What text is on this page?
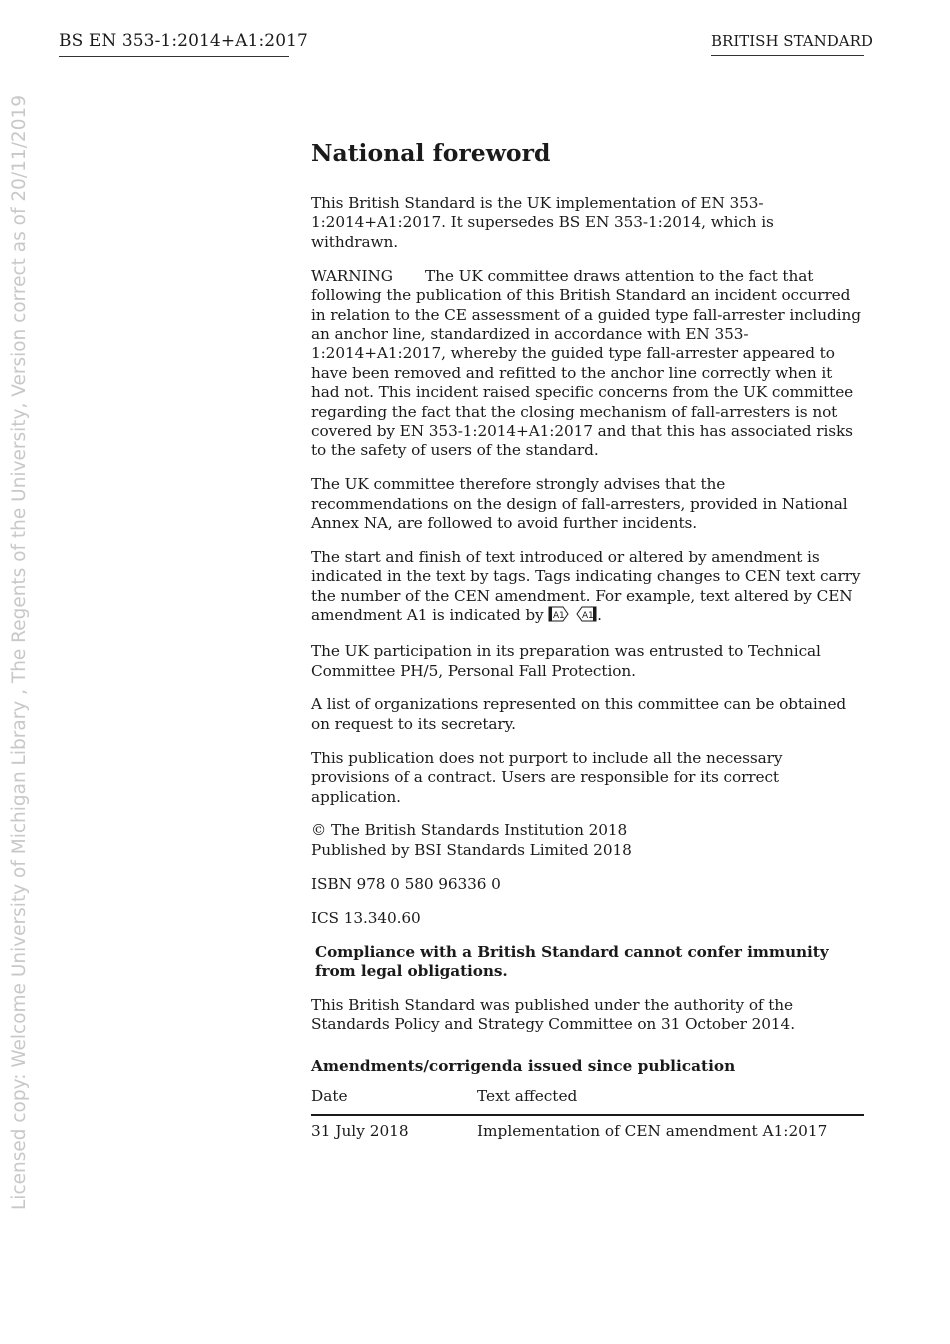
BS EN 353-1:2014+A1:2017	BRITISH STANDARD
Licensed copy: Welcome University of Michigan Library , The Regents of the University, Version correct as of 20/11/2019	National foreword

This British Standard is the UK implementation of EN 353-1:2014+A1:2017. It supersedes BS EN 353-1:2014, which is withdrawn.

WARNING The UK committee draws attention to the fact that following the publication of this British Standard an incident occurred in relation to the CE assessment of a guided type fall-arrester including an anchor line, standardized in accordance with EN 353-1:2014+A1:2017, whereby the guided type fall-arrester appeared to have been removed and refitted to the anchor line correctly when it had not. This incident raised specific concerns from the UK committee regarding the fact that the closing mechanism of fall-arresters is not covered by EN 353-1:2014+A1:2017 and that this has associated risks to the safety of users of the standard.

The UK committee therefore strongly advises that the recommendations on the design of fall-arresters, provided in National Annex NA, are followed to avoid further incidents.

The start and finish of text introduced or altered by amendment is indicated in the text by tags. Tags indicating changes to CEN text carry the number of the CEN amendment. For example, text altered by CEN amendment A1 is indicated by A1
A1 .

The UK participation in its preparation was entrusted to Technical Committee PH/5, Personal Fall Protection.

A list of organizations represented on this committee can be obtained on request to its secretary.

This publication does not purport to include all the necessary provisions of a contract. Users are responsible for its correct application.

© The British Standards Institution 2018
Published by BSI Standards Limited 2018

ISBN 978 0 580 96336 0

ICS 13.340.60

Compliance with a British Standard cannot confer immunity from legal obligations.

This British Standard was published under the authority of the Standards Policy and Strategy Committee on 31 October 2014.

Amendments/corrigenda issued since publication
Date	Text affected
31 July 2018	Implementation of CEN amendment A1:2017
